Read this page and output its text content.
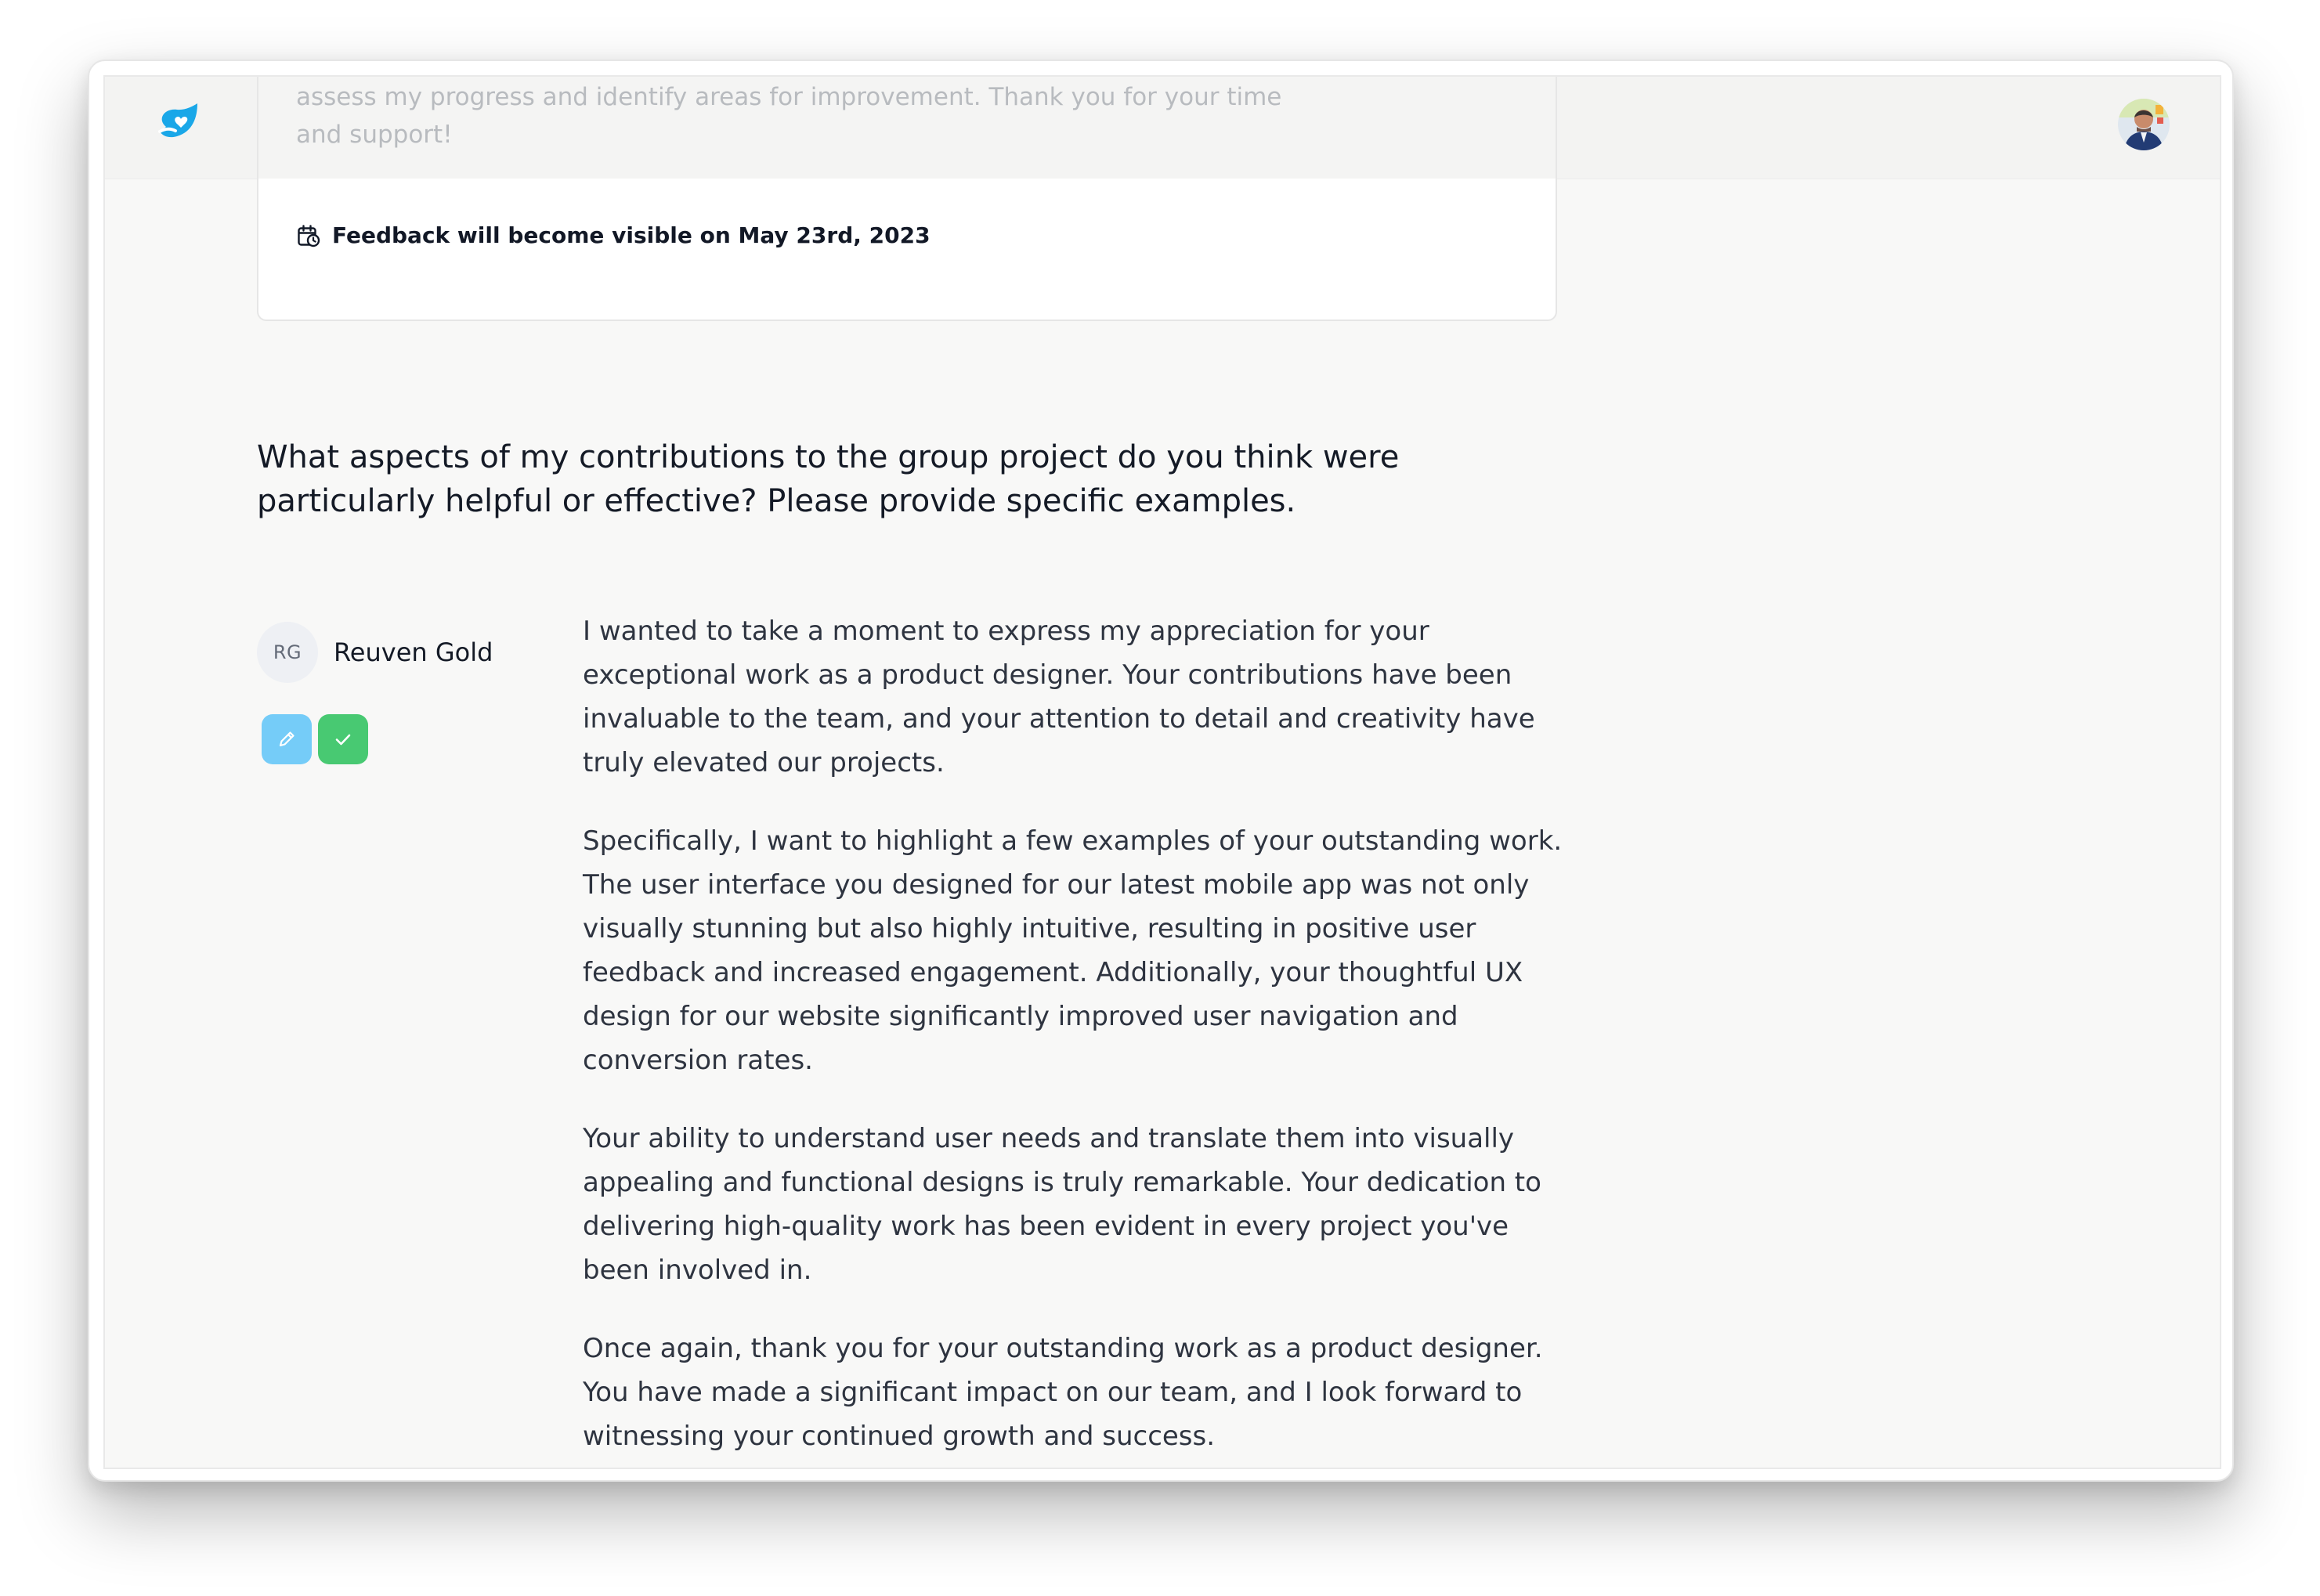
assess my progress and identify areas for improvement. Thank you for your time and support!
Feedback will become visible on May 23rd, 2023
What aspects of my contributions to the group project do you think were particularly helpful or effective? Please provide specific examples.
RG	Reuven Gold

I wanted to take a moment to express my appreciation for your exceptional work as a product designer. Your contributions have been invaluable to the team, and your attention to detail and creativity have truly elevated our projects.

Specifically, I want to highlight a few examples of your outstanding work. The user interface you designed for our latest mobile app was not only visually stunning but also highly intuitive, resulting in positive user feedback and increased engagement. Additionally, your thoughtful UX design for our website significantly improved user navigation and conversion rates.

Your ability to understand user needs and translate them into visually appealing and functional designs is truly remarkable. Your dedication to delivering high-quality work has been evident in every project you've been involved in.

Once again, thank you for your outstanding work as a product designer. You have made a significant impact on our team, and I look forward to witnessing your continued growth and success.
